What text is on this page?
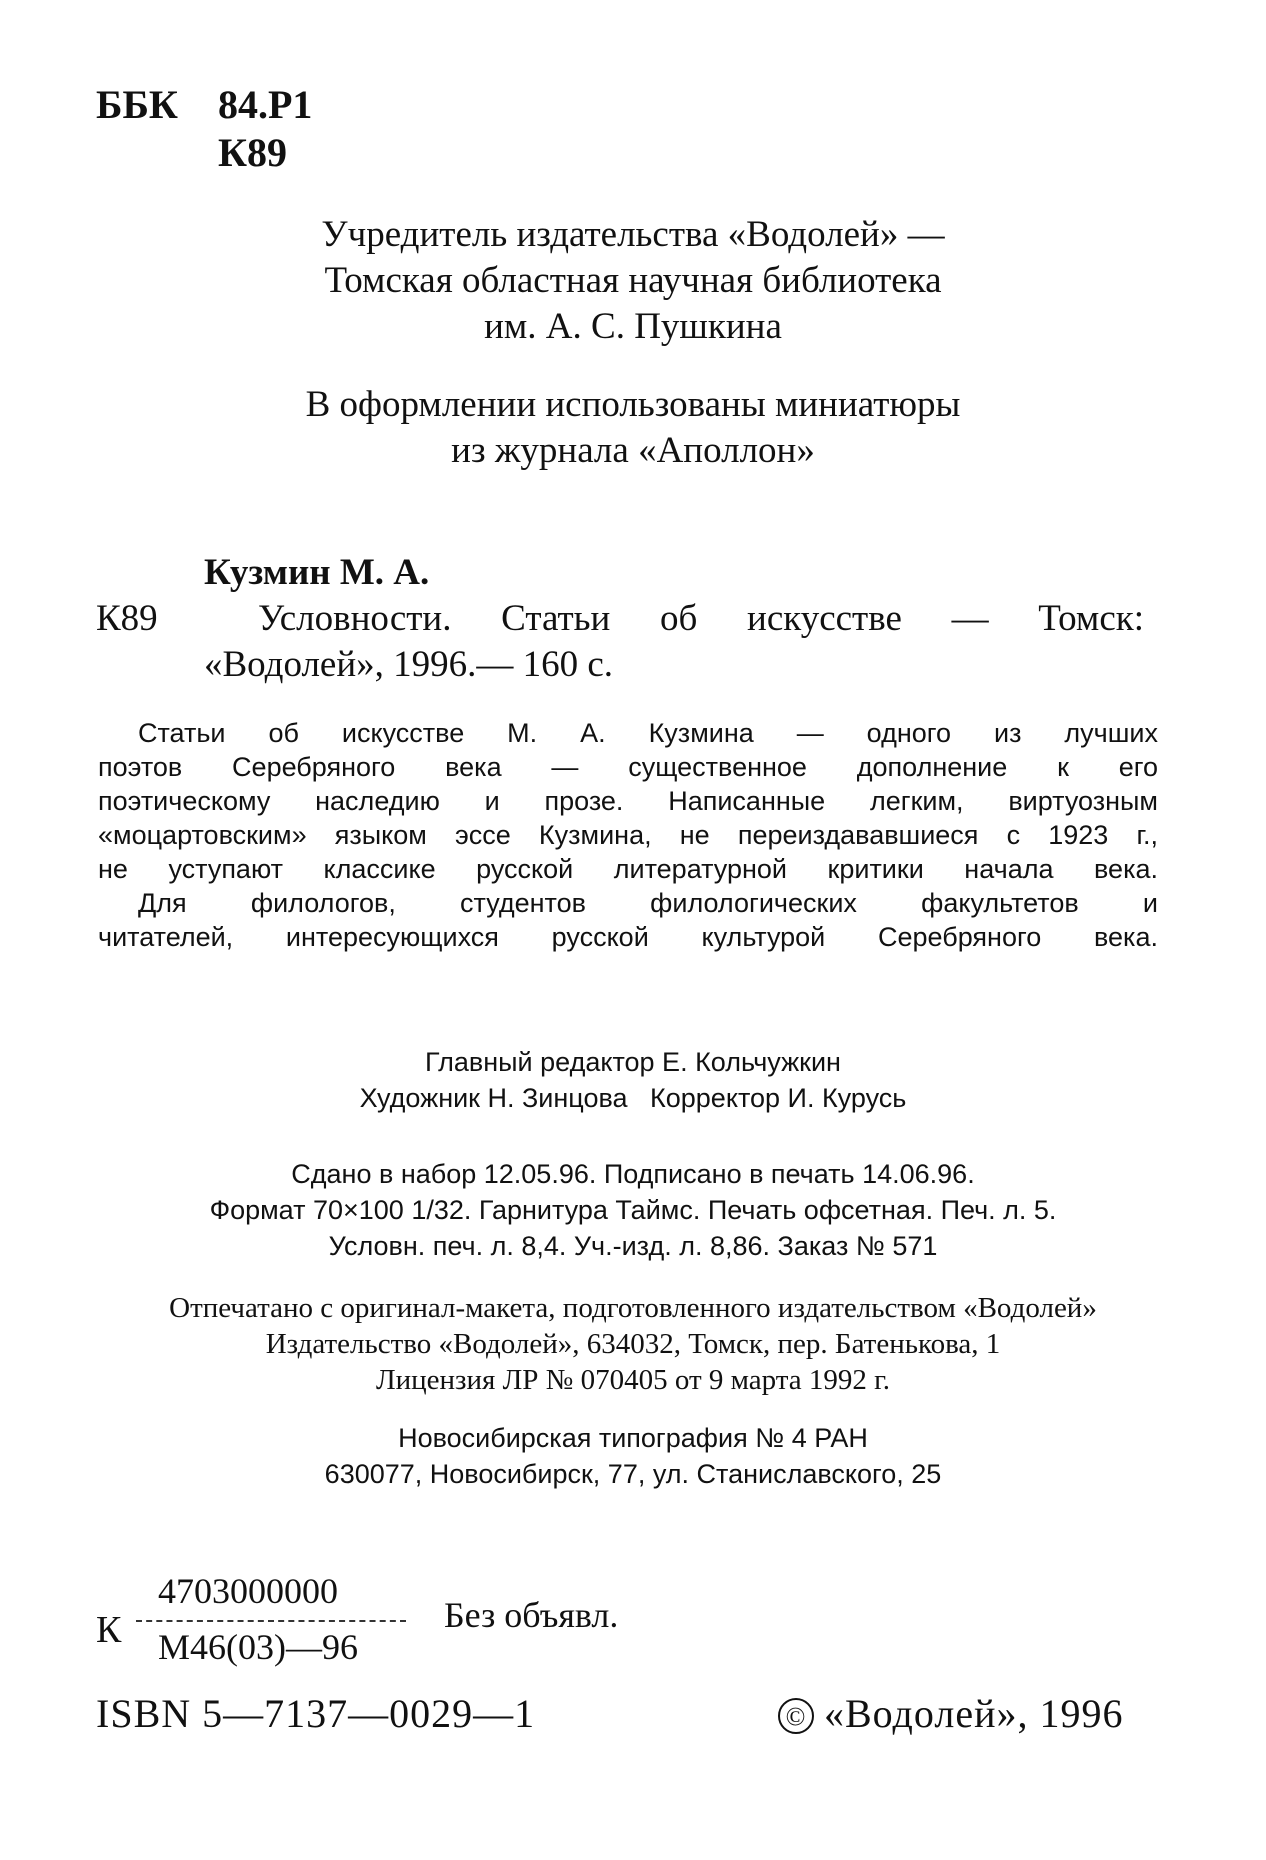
ББК 84.Р1
К89
Учредитель издательства «Водолей» —
Томская областная научная библиотека
им. А. С. Пушкина
В оформлении использованы миниатюры
из журнала «Аполлон»
Кузмин М. А.
К89	Условности. Статьи об искусстве — Томск:
«Водолей», 1996.— 160 с.
Статьи об искусстве М. А. Кузмина — одного из лучших
поэтов Серебряного века — существенное дополнение к его
поэтическому наследию и прозе. Написанные легким, виртуозным
«моцартовским» языком эссе Кузмина, не переиздававшиеся с 1923 г.,
не уступают классике русской литературной критики начала века.
Для филологов, студентов филологических факультетов и
читателей, интересующихся русской культурой Серебряного века.
Главный редактор Е. Кольчужкин
Художник Н. Зинцова   Корректор И. Курусь
Сдано в набор 12.05.96. Подписано в печать 14.06.96.
Формат 70×100 1/32. Гарнитура Таймс. Печать офсетная. Печ. л. 5.
Условн. печ. л. 8,4. Уч.-изд. л. 8,86. Заказ № 571
Отпечатано с оригинал-макета, подготовленного издательством «Водолей»
Издательство «Водолей», 634032, Томск, пер. Батенькова, 1
Лицензия ЛР № 070405 от 9 марта 1992 г.
Новосибирская типография № 4 РАН
630077, Новосибирск, 77, ул. Станиславского, 25
К
4703000000
М46(03)—96
Без объявл.
ISBN 5—7137—0029—1	© «Водолей», 1996
